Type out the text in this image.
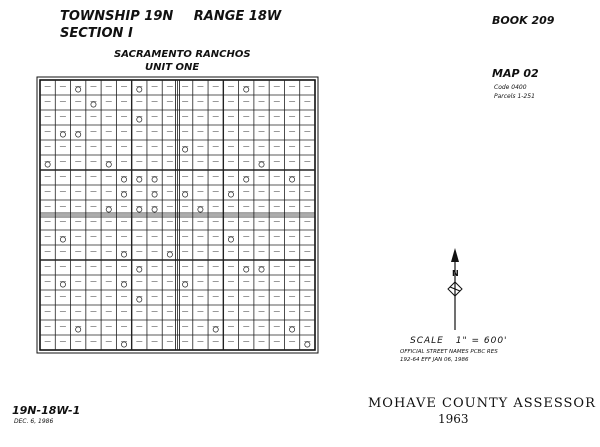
N
TOWNSHIP 19N RANGE 18W
SECTION I
BOOK 209
SACRAMENTO RANCHOS
UNIT ONE	MAP 02
Code 0400
Parcels 1-251
SCALE 1" = 600'
OFFICIAL STREET NAMES PCBC RES
192-64 EFF JAN 06, 1986
MOHAVE COUNTY ASSESSOR
1963
19N-18W-1
DEC. 6, 1986
